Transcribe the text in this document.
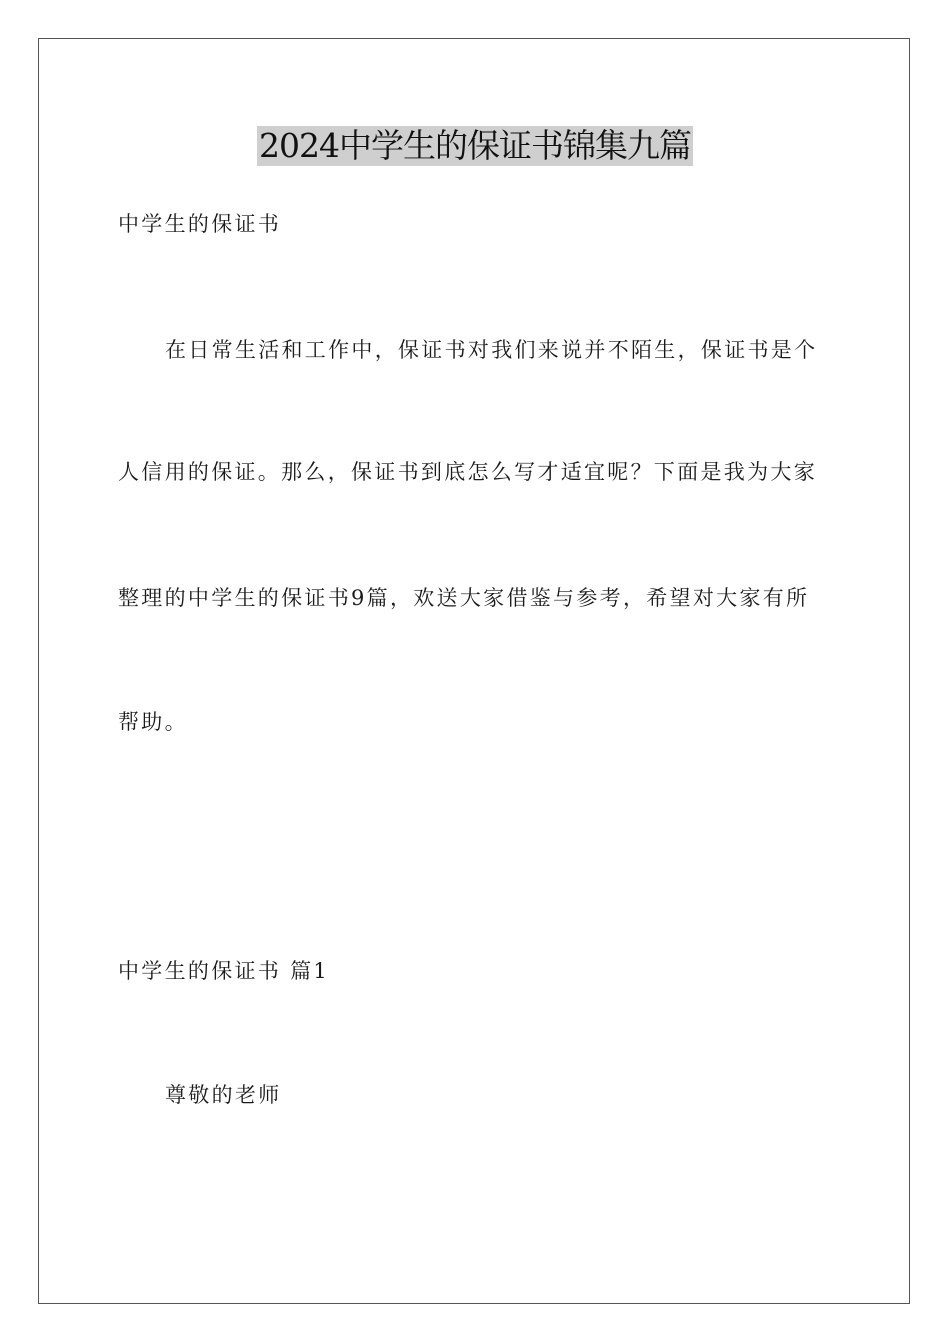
2024中学生的保证书锦集九篇
中学生的保证书
在日常生活和工作中，保证书对我们来说并不陌生，保证书是个
人信用的保证。那么，保证书到底怎么写才适宜呢？下面是我为大家
整理的中学生的保证书9篇，欢送大家借鉴与参考，希望对大家有所
帮助。
中学生的保证书 篇1
尊敬的老师
